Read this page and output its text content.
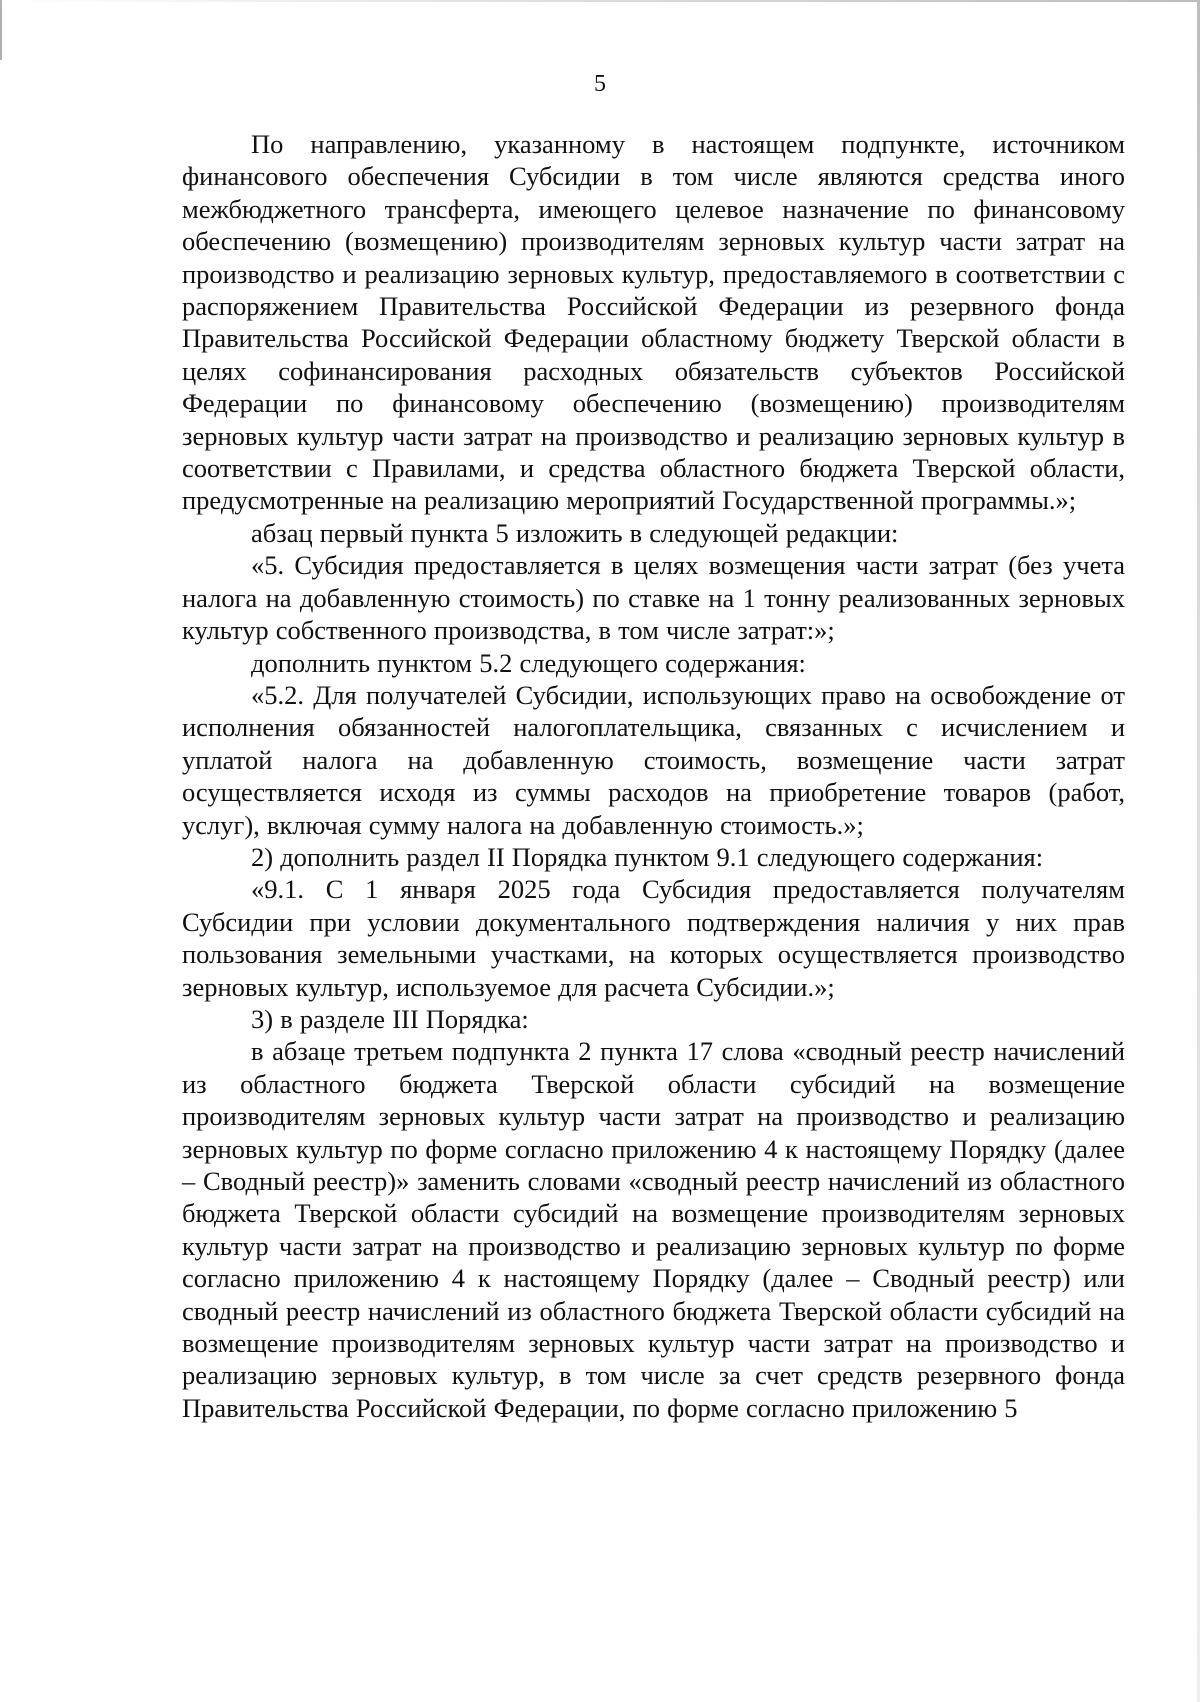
5

По направлению, указанному в настоящем подпункте, источником финансового обеспечения Субсидии в том числе являются средства иного межбюджетного трансферта, имеющего целевое назначение по финансовому обеспечению (возмещению) производителям зерновых культур части затрат на производство и реализацию зерновых культур, предоставляемого в соответствии с распоряжением Правительства Российской Федерации из резервного фонда Правительства Российской Федерации областному бюджету Тверской области в целях софинансирования расходных обязательств субъектов Российской Федерации по финансовому обеспечению (возмещению) производителям зерновых культур части затрат на производство и реализацию зерновых культур в соответствии с Правилами, и средства областного бюджета Тверской области, предусмотренные на реализацию мероприятий Государственной программы.»;

абзац первый пункта 5 изложить в следующей редакции:

«5. Субсидия предоставляется в целях возмещения части затрат (без учета налога на добавленную стоимость) по ставке на 1 тонну реализованных зерновых культур собственного производства, в том числе затрат:»;

дополнить пунктом 5.2 следующего содержания:

«5.2. Для получателей Субсидии, использующих право на освобождение от исполнения обязанностей налогоплательщика, связанных с исчислением и уплатой налога на добавленную стоимость, возмещение части затрат осуществляется исходя из суммы расходов на приобретение товаров (работ, услуг), включая сумму налога на добавленную стоимость.»;

2) дополнить раздел II Порядка пунктом 9.1 следующего содержания:

«9.1. С 1 января 2025 года Субсидия предоставляется получателям Субсидии при условии документального подтверждения наличия у них прав пользования земельными участками, на которых осуществляется производство зерновых культур, используемое для расчета Субсидии.»;

3) в разделе III Порядка:

в абзаце третьем подпункта 2 пункта 17 слова «сводный реестр начислений из областного бюджета Тверской области субсидий на возмещение производителям зерновых культур части затрат на производство и реализацию зерновых культур по форме согласно приложению 4 к настоящему Порядку (далее – Сводный реестр)» заменить словами «сводный реестр начислений из областного бюджета Тверской области субсидий на возмещение производителям зерновых культур части затрат на производство и реализацию зерновых культур по форме согласно приложению 4 к настоящему Порядку (далее – Сводный реестр) или сводный реестр начислений из областного бюджета Тверской области субсидий на возмещение производителям зерновых культур части затрат на производство и реализацию зерновых культур, в том числе за счет средств резервного фонда Правительства Российской Федерации, по форме согласно приложению 5
